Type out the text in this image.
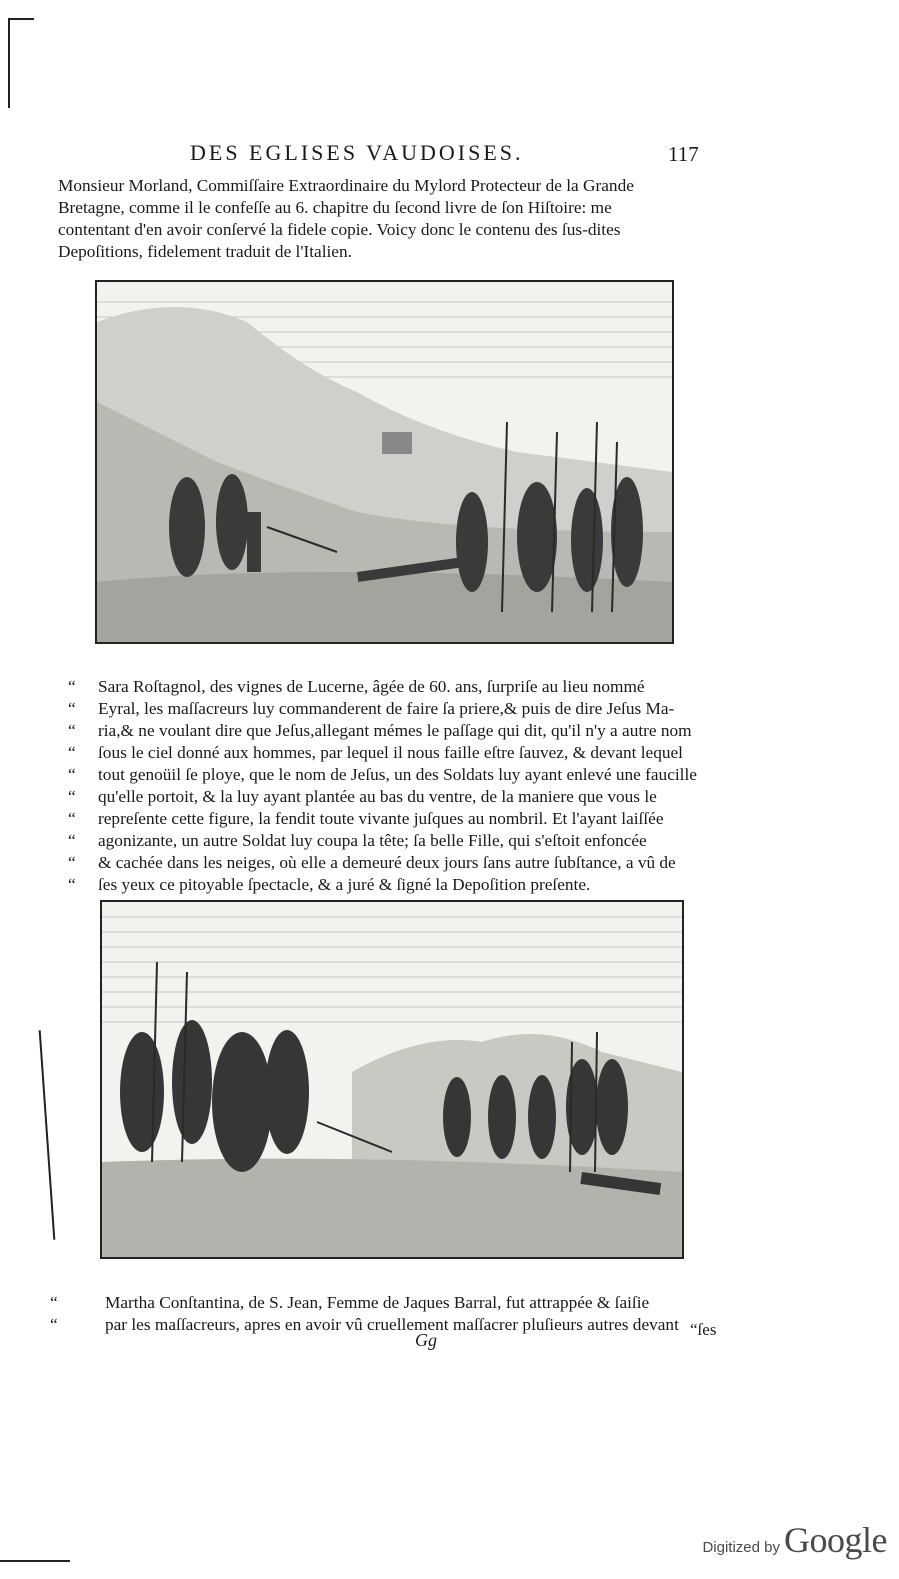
DES EGLISES VAUDOISES.	117
Monsieur Morland, Commiſſaire Extraordinaire du Mylord Protecteur de la Grande
Bretagne, comme il le confeſſe au 6. chapitre du ſecond livre de ſon Hiſtoire: me
contentant d'en avoir conſervé la fidele copie. Voicy donc le contenu des ſus-dites
Depoſitions, fidelement traduit de l'Italien.
“ Sara Roſtagnol, des vignes de Lucerne, âgée de 60. ans, ſurpriſe au lieu nommé
“ Eyral, les maſſacreurs luy commanderent de faire ſa priere,& puis de dire Jeſus Ma-
“ ria,& ne voulant dire que Jeſus,allegant mémes le paſſage qui dit, qu'il n'y a autre nom
“ ſous le ciel donné aux hommes, par lequel il nous faille eſtre ſauvez, & devant lequel
“ tout genoüil ſe ploye, que le nom de Jeſus, un des Soldats luy ayant enlevé une faucille
“ qu'elle portoit, & la luy ayant plantée au bas du ventre, de la maniere que vous le
“ repreſente cette figure, la fendit toute vivante juſques au nombril. Et l'ayant laiſſée
“ agonizante, un autre Soldat luy coupa la tête; ſa belle Fille, qui s'eſtoit enfoncée
“ & cachée dans les neiges, où elle a demeuré deux jours ſans autre ſubſtance, a vû de
“ ſes yeux ce pitoyable ſpectacle, & a juré & ſigné la Depoſition preſente.
“	Martha Conſtantina, de S. Jean, Femme de Jaques Barral, fut attrappée & ſaiſie
“	par les maſſacreurs, apres en avoir vû cruellement maſſacrer pluſieurs autres devant
Gg
“ſes
Digitized by Google
